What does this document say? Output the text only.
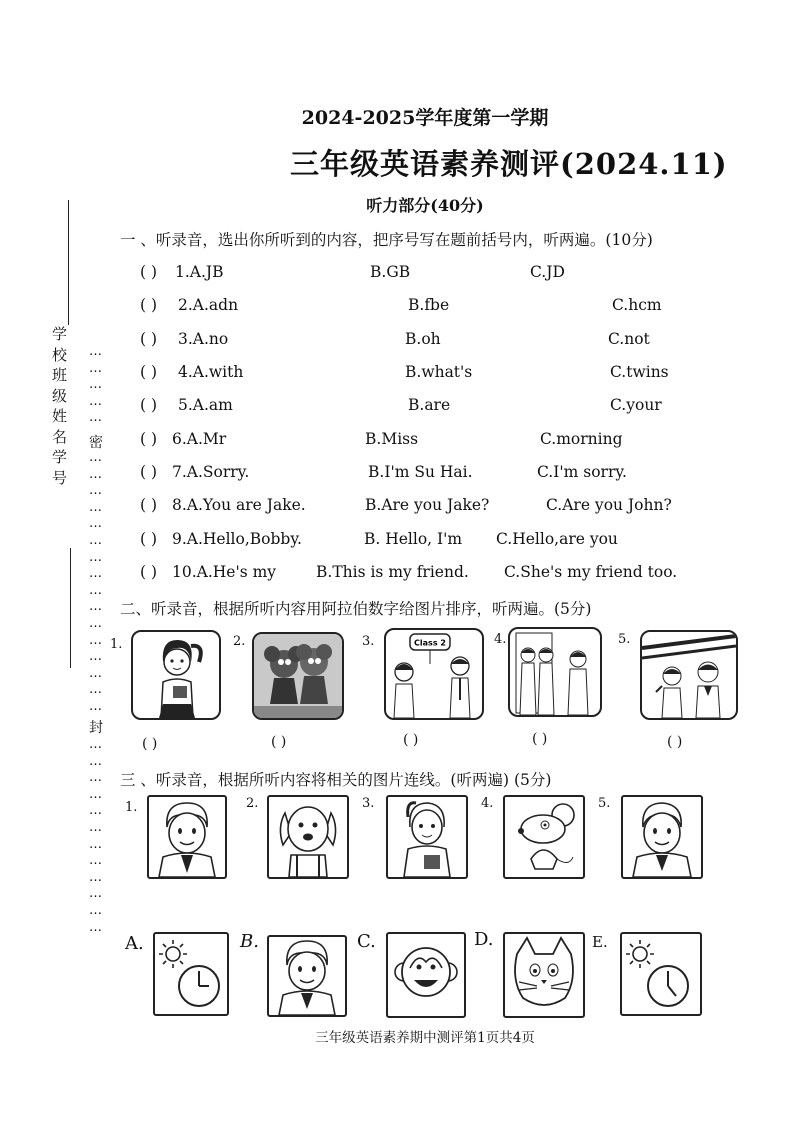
2024-2025学年度第一学期
三年级英语素养测评(2024.11)
听力部分(40分)
学
校
班
级
姓
名
学
号
…
…
…
…
…
密
…
…
…
…
…
…
…
…
…
…
…
…
…
…
…
…
封
…
…
…
…
…
…
…
…
…
…
…
…
一 、听录音，选出你所听到的内容，把序号写在题前括号内，听两遍。(10分)
( ) 1.A.JB	B.GB	C.JD
( ) 2.A.adn	B.fbe	C.hcm
( ) 3.A.no	B.oh	C.not
( ) 4.A.with	B.what's	C.twins
( ) 5.A.am	B.are	C.your
( ) 6.A.Mr	B.Miss	C.morning
( ) 7.A.Sorry.	B.I'm Su Hai.	C.I'm sorry.
( ) 8.A.You are Jake.	B.Are you Jake?	C.Are you John?
( ) 9.A.Hello,Bobby.	B. Hello, I'm C.Hello,are you
( ) 10.A.He's my	B.This is my friend. C.She's my friend too.
二、听录音，根据所听内容用阿拉伯数字给图片排序，听两遍。(5分)
1.
( )
2.
( )
3.	Class 2
( )
4.
( )
5.
( )
三 、听录音，根据所听内容将相关的图片连线。(听两遍) (5分)
1.	2.	3.	4.	5.
A.	B.	C.	D.	E.
三年级英语素养期中测评第1页共4页
